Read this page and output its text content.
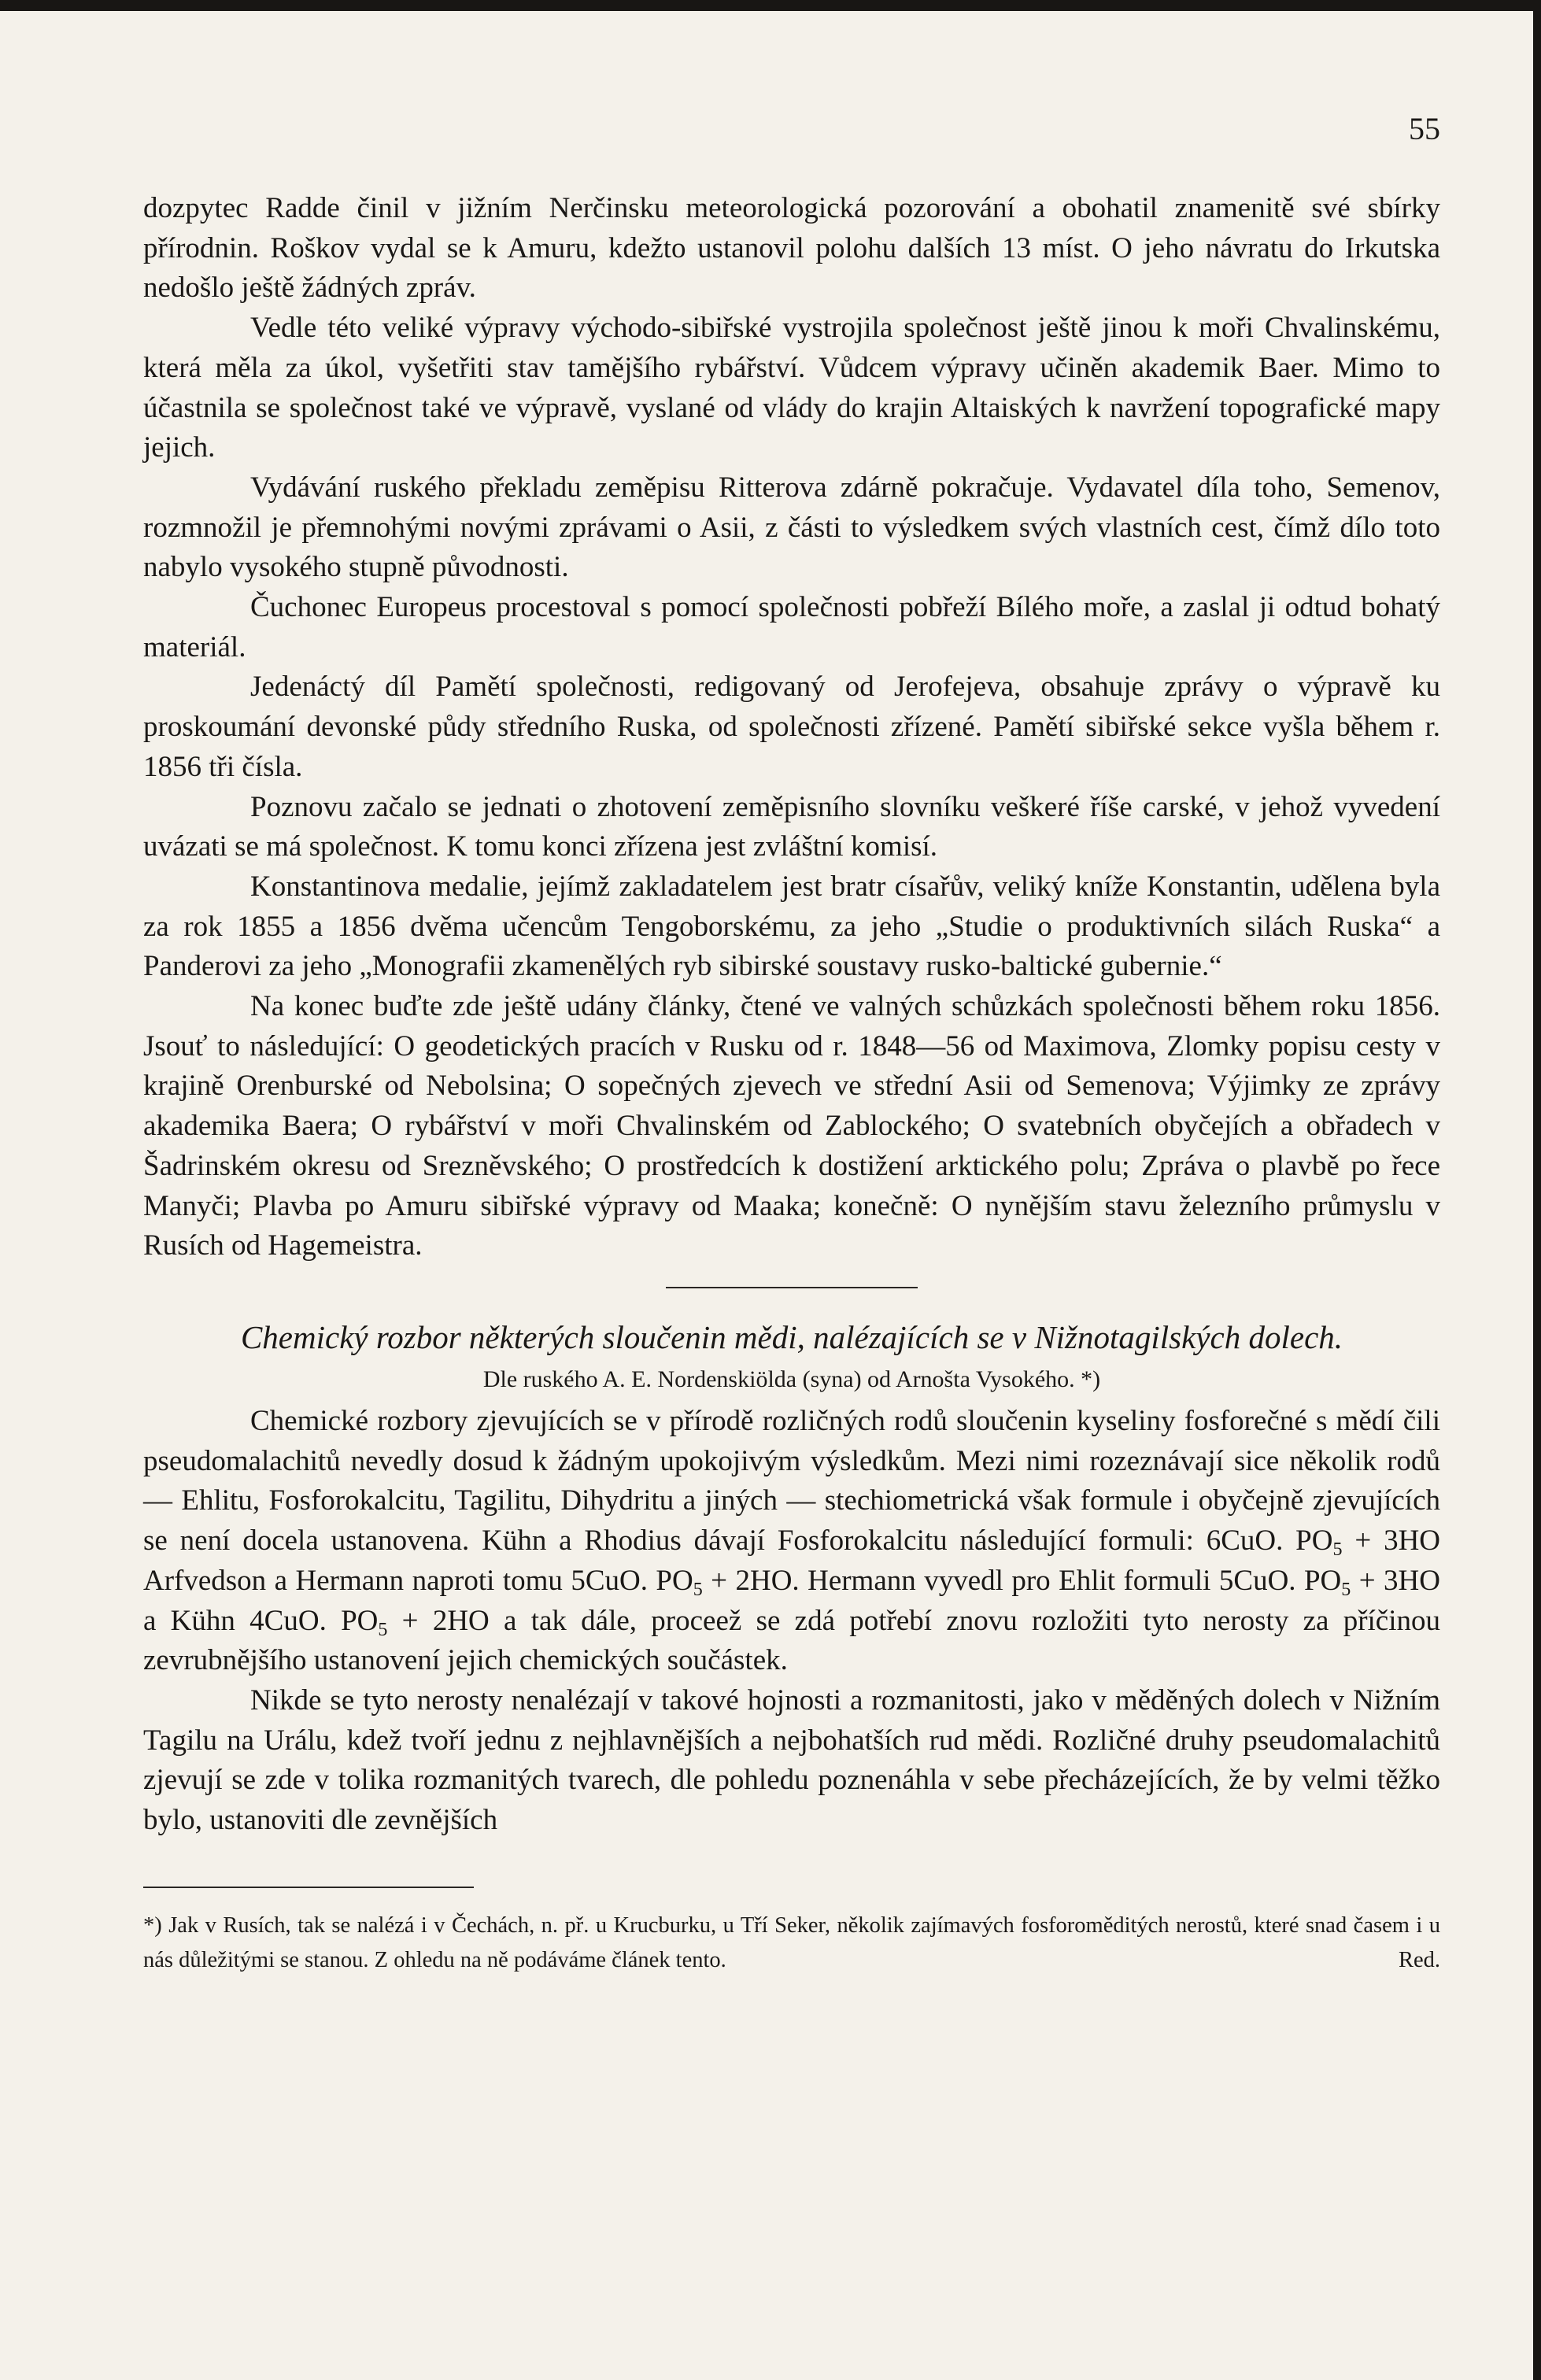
55

dozpytec Radde činil v jižním Nerčinsku meteorologická pozorování a obohatil znamenitě své sbírky přírodnin. Roškov vydal se k Amuru, kdežto ustanovil polohu dalších 13 míst. O jeho návratu do Irkutska nedošlo ještě žádných zpráv.

Vedle této veliké výpravy východo-sibiřské vystrojila společnost ještě jinou k moři Chvalinskému, která měla za úkol, vyšetřiti stav tamějšího rybářství. Vůdcem výpravy učiněn akademik Baer. Mimo to účastnila se společnost také ve výpravě, vyslané od vlády do krajin Altaiských k navržení topografické mapy jejich.

Vydávání ruského překladu zeměpisu Ritterova zdárně pokračuje. Vydavatel díla toho, Semenov, rozmnožil je přemnohými novými zprávami o Asii, z části to výsledkem svých vlastních cest, čímž dílo toto nabylo vysokého stupně původnosti.

Čuchonec Europeus procestoval s pomocí společnosti pobřeží Bílého moře, a zaslal ji odtud bohatý materiál.

Jedenáctý díl Pamětí společnosti, redigovaný od Jerofejeva, obsahuje zprávy o výpravě ku proskoumání devonské půdy středního Ruska, od společnosti zřízené. Pamětí sibiřské sekce vyšla během r. 1856 tři čísla.

Poznovu začalo se jednati o zhotovení zeměpisního slovníku veškeré říše carské, v jehož vyvedení uvázati se má společnost. K tomu konci zřízena jest zvláštní komisí.

Konstantinova medalie, jejímž zakladatelem jest bratr císařův, veliký kníže Konstantin, udělena byla za rok 1855 a 1856 dvěma učencům Tengoborskému, za jeho „Studie o produktivních silách Ruska“ a Panderovi za jeho „Monografii zkamenělých ryb sibirské soustavy rusko-baltické gubernie.“

Na konec buďte zde ještě udány články, čtené ve valných schůzkách společnosti během roku 1856. Jsouť to následující: O geodetických pracích v Rusku od r. 1848—56 od Maximova, Zlomky popisu cesty v krajině Orenburské od Nebolsina; O sopečných zjevech ve střední Asii od Semenova; Výjimky ze zprávy akademika Baera; O rybářství v moři Chvalinském od Zablockého; O svatebních obyčejích a obřadech v Šadrinském okresu od Srezněvského; O prostředcích k dostižení arktického polu; Zpráva o plavbě po řece Manyči; Plavba po Amuru sibiřské výpravy od Maaka; konečně: O nynějším stavu železního průmyslu v Rusích od Hagemeistra.

Chemický rozbor některých sloučenin mědi, nalézajících se v Nižnotagilských dolech.
Dle ruského A. E. Nordenskiölda (syna) od Arnošta Vysokého. *)

Chemické rozbory zjevujících se v přírodě rozličných rodů sloučenin kyseliny fosforečné s mědí čili pseudomalachitů nevedly dosud k žádným upokojivým výsledkům. Mezi nimi rozeznávají sice několik rodů — Ehlitu, Fosforokalcitu, Tagilitu, Dihydritu a jiných — stechiometrická však formule i obyčejně zjevujících se není docela ustanovena. Kühn a Rhodius dávají Fosforokalcitu následující formuli: 6CuO. $PO_5 + 3HO$ Arfvedson a Hermann naproti tomu 5CuO. $PO_5 + 2HO$. Hermann vyvedl pro Ehlit formuli 5CuO. $PO_5 + 3HO$ a Kühn 4CuO. $PO_5 + 2HO$ a tak dále, proceež se zdá potřebí znovu rozložiti tyto nerosty za příčinou zevrubnějšího ustanovení jejich chemických součástek.

Nikde se tyto nerosty nenalézají v takové hojnosti a rozmanitosti, jako v měděných dolech v Nižním Tagilu na Urálu, kdež tvoří jednu z nejhlavnějších a nejbohatších rud mědi. Rozličné druhy pseudomalachitů zjevují se zde v tolika rozmanitých tvarech, dle pohledu poznenáhla v sebe přecházejících, že by velmi těžko bylo, ustanoviti dle zevnějších

*) Jak v Rusích, tak se nalézá i v Čechách, n. př. u Krucburku, u Tří Seker, několik zajímavých fosforoměditých nerostů, které snad časem i u nás důležitými se stanou. Z ohledu na ně podáváme článek tento.	Red.
